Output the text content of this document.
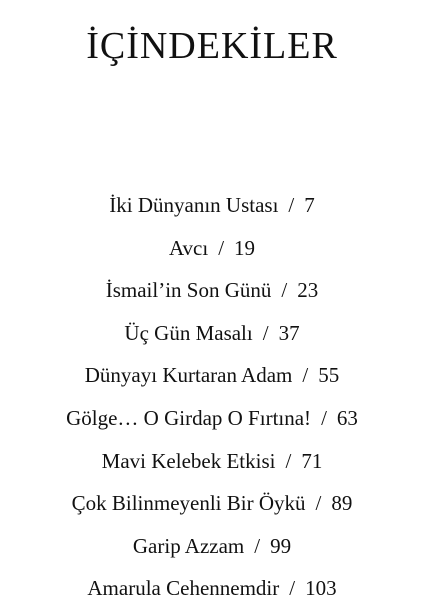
İÇİNDEKİLER
İki Dünyanın Ustası / 7
Avcı / 19
İsmail’in Son Günü / 23
Üç Gün Masalı / 37
Dünyayı Kurtaran Adam / 55
Gölge… O Girdap O Fırtına! / 63
Mavi Kelebek Etkisi / 71
Çok Bilinmeyenli Bir Öykü / 89
Garip Azzam / 99
Amarula Cehennemdir / 103
